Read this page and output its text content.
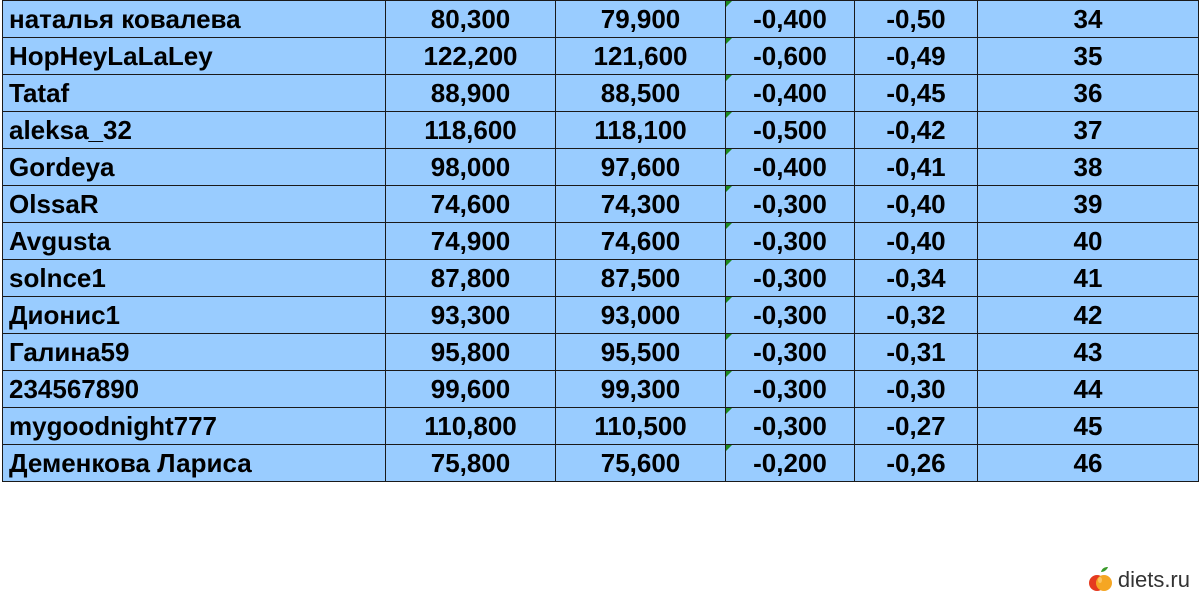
наталья ковалева	80,300	79,900	-0,400	-0,50	34
HopHeyLaLaLey	122,200	121,600	-0,600	-0,49	35
Tataf	88,900	88,500	-0,400	-0,45	36
aleksa_32	118,600	118,100	-0,500	-0,42	37
Gordeya	98,000	97,600	-0,400	-0,41	38
OlssaR	74,600	74,300	-0,300	-0,40	39
Avgusta	74,900	74,600	-0,300	-0,40	40
solnce1	87,800	87,500	-0,300	-0,34	41
Дионис1	93,300	93,000	-0,300	-0,32	42
Галина59	95,800	95,500	-0,300	-0,31	43
234567890	99,600	99,300	-0,300	-0,30	44
mygoodnight777	110,800	110,500	-0,300	-0,27	45
Деменкова Лариса	75,800	75,600	-0,200	-0,26	46
diets.ru
